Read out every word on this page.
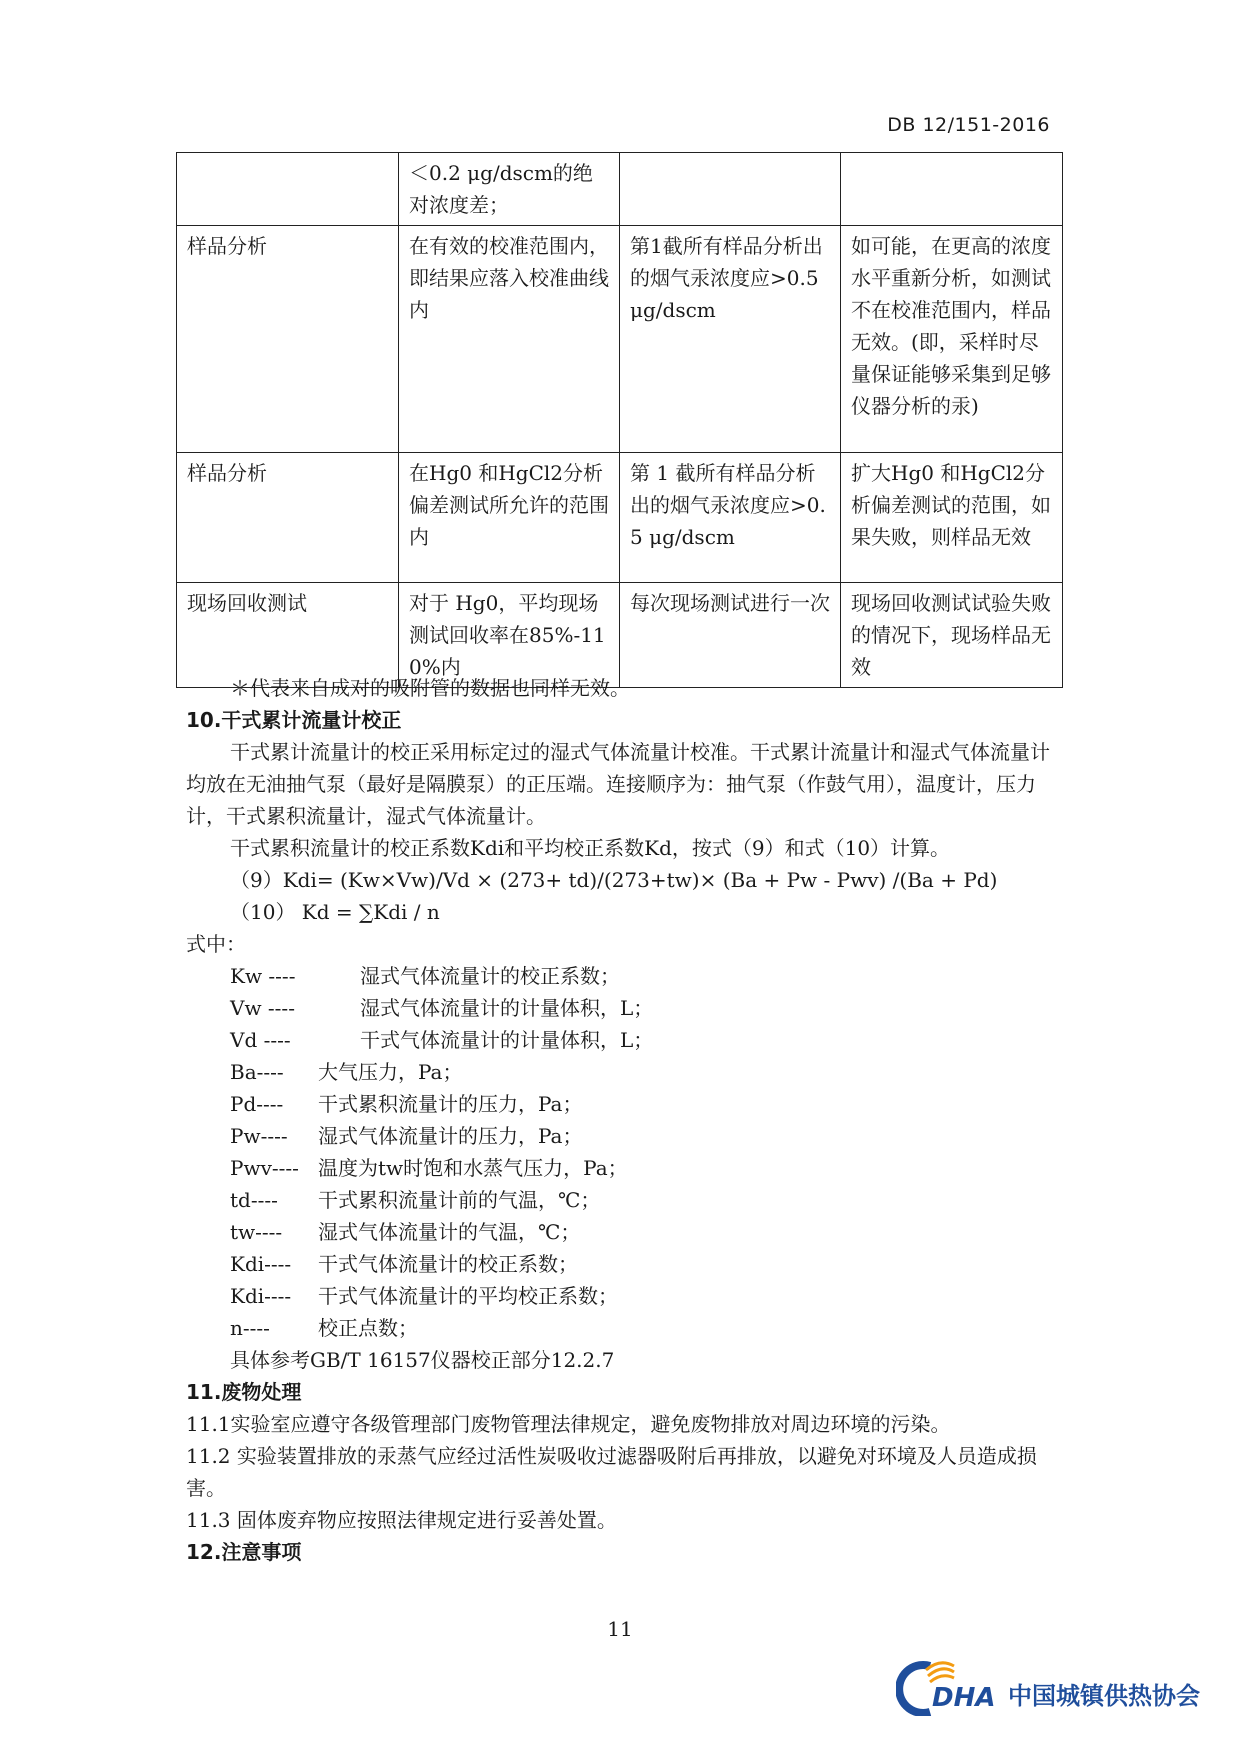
DB 12/151-2016
	＜0.2 μg/dscm的绝对浓度差；		
样品分析	在有效的校准范围内，即结果应落入校准曲线内	第1截所有样品分析出的烟气汞浓度应>0.5 μg/dscm	如可能，在更高的浓度水平重新分析，如测试不在校准范围内，样品无效。(即，采样时尽量保证能够采集到足够仪器分析的汞)
样品分析	在Hg0 和HgCl2分析偏差测试所允许的范围内	第 1 截所有样品分析出的烟气汞浓度应>0.5 μg/dscm	扩大Hg0 和HgCl2分析偏差测试的范围，如果失败，则样品无效
现场回收测试	对于 Hg0，平均现场测试回收率在85%-110%内	每次现场测试进行一次	现场回收测试试验失败的情况下，现场样品无效

＊代表来自成对的吸附管的数据也同样无效。

10.干式累计流量计校正

干式累计流量计的校正采用标定过的湿式气体流量计校准。干式累计流量计和湿式气体流量计均放在无油抽气泵（最好是隔膜泵）的正压端。连接顺序为：抽气泵（作鼓气用），温度计，压力计，干式累积流量计，湿式气体流量计。

干式累积流量计的校正系数Kdi和平均校正系数Kd，按式（9）和式（10）计算。

（9）Kdi= (Kw×Vw)/Vd × (273+ td)/(273+tw)× (Ba + Pw - Pwv) /(Ba + Pd)

（10） Kd = ∑Kdi / n

式中：

Kw ----	湿式气体流量计的校正系数；

Vw ----	湿式气体流量计的计量体积，L；

Vd ----	干式气体流量计的计量体积，L；

Ba---- 大气压力，Pa；

Pd---- 干式累积流量计的压力，Pa；

Pw---- 湿式气体流量计的压力，Pa；

Pwv---- 温度为tw时饱和水蒸气压力，Pa；

td---- 干式累积流量计前的气温，℃；

tw---- 湿式气体流量计的气温，℃；

Kdi---- 干式气体流量计的校正系数；

Kdi---- 干式气体流量计的平均校正系数；

n---- 校正点数；

具体参考GB/T 16157仪器校正部分12.2.7

11.废物处理

11.1实验室应遵守各级管理部门废物管理法律规定，避免废物排放对周边环境的污染。

11.2 实验装置排放的汞蒸气应经过活性炭吸收过滤器吸附后再排放，以避免对环境及人员造成损害。

11.3 固体废弃物应按照法律规定进行妥善处置。

12.注意事项

11
DHA 中国城镇供热协会
